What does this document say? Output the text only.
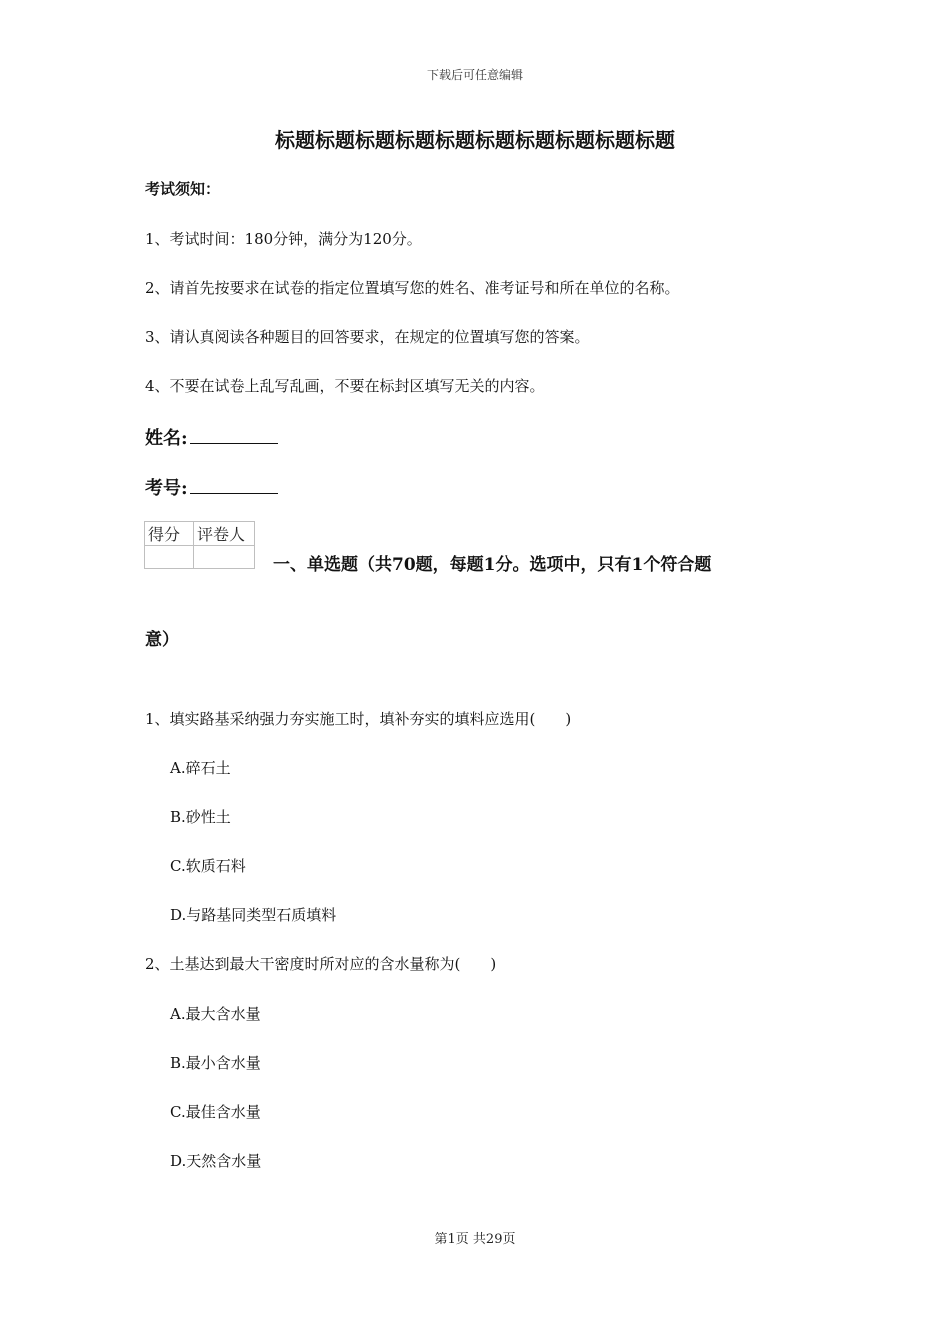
下载后可任意编辑
标题标题标题标题标题标题标题标题标题标题
考试须知：
1、考试时间：180分钟，满分为120分。
2、请首先按要求在试卷的指定位置填写您的姓名、准考证号和所在单位的名称。
3、请认真阅读各种题目的回答要求，在规定的位置填写您的答案。
4、不要在试卷上乱写乱画，不要在标封区填写无关的内容。
姓名:
考号:
得分	评卷人

一、单选题（共70题，每题1分。选项中，只有1个符合题
意）
1、填实路基采纳强力夯实施工时，填补夯实的填料应选用(　　)
A.碎石土
B.砂性土
C.软质石料
D.与路基同类型石质填料
2、土基达到最大干密度时所对应的含水量称为(　　)
A.最大含水量
B.最小含水量
C.最佳含水量
D.天然含水量
第1页 共29页
